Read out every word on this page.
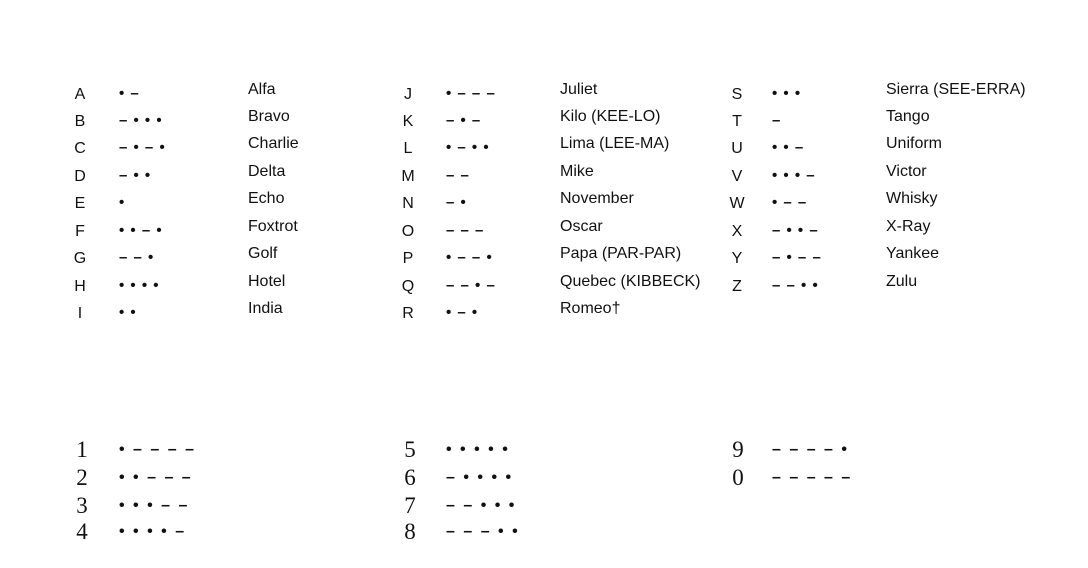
A	• –	Alfa
B	– • • •	Bravo
C – • – •	Charlie
D – • •	Delta
E	•	Echo
F	• • – •	Foxtrot
G – – •	Golf
H • • • •	Hotel
I	• •	India
J	• – – –	Juliet
K	– • –	Kilo (KEE-LO)
L	• – • •	Lima (LEE-MA)
M – –	Mike
N – •	November
O – – –	Oscar
P	• – – •	Papa (PAR-PAR)
Q – – • –	Quebec (KIBBECK)
R • – •	Romeo†
S	• • •	Sierra (SEE-ERRA)
T	–	Tango
U • • –	Uniform
V	• • • –	Victor
W • – –	Whisky
X	– • • –	X-Ray
Y	– • – –	Yankee
Z	– – • •	Zulu
1 • – – – –
2 • • – – –
3 • • • – –
4 • • • • –
5 • • • • •
6 – • • • •
7 – – • • •
8 – – – • •
9 – – – – •
0 – – – – –
